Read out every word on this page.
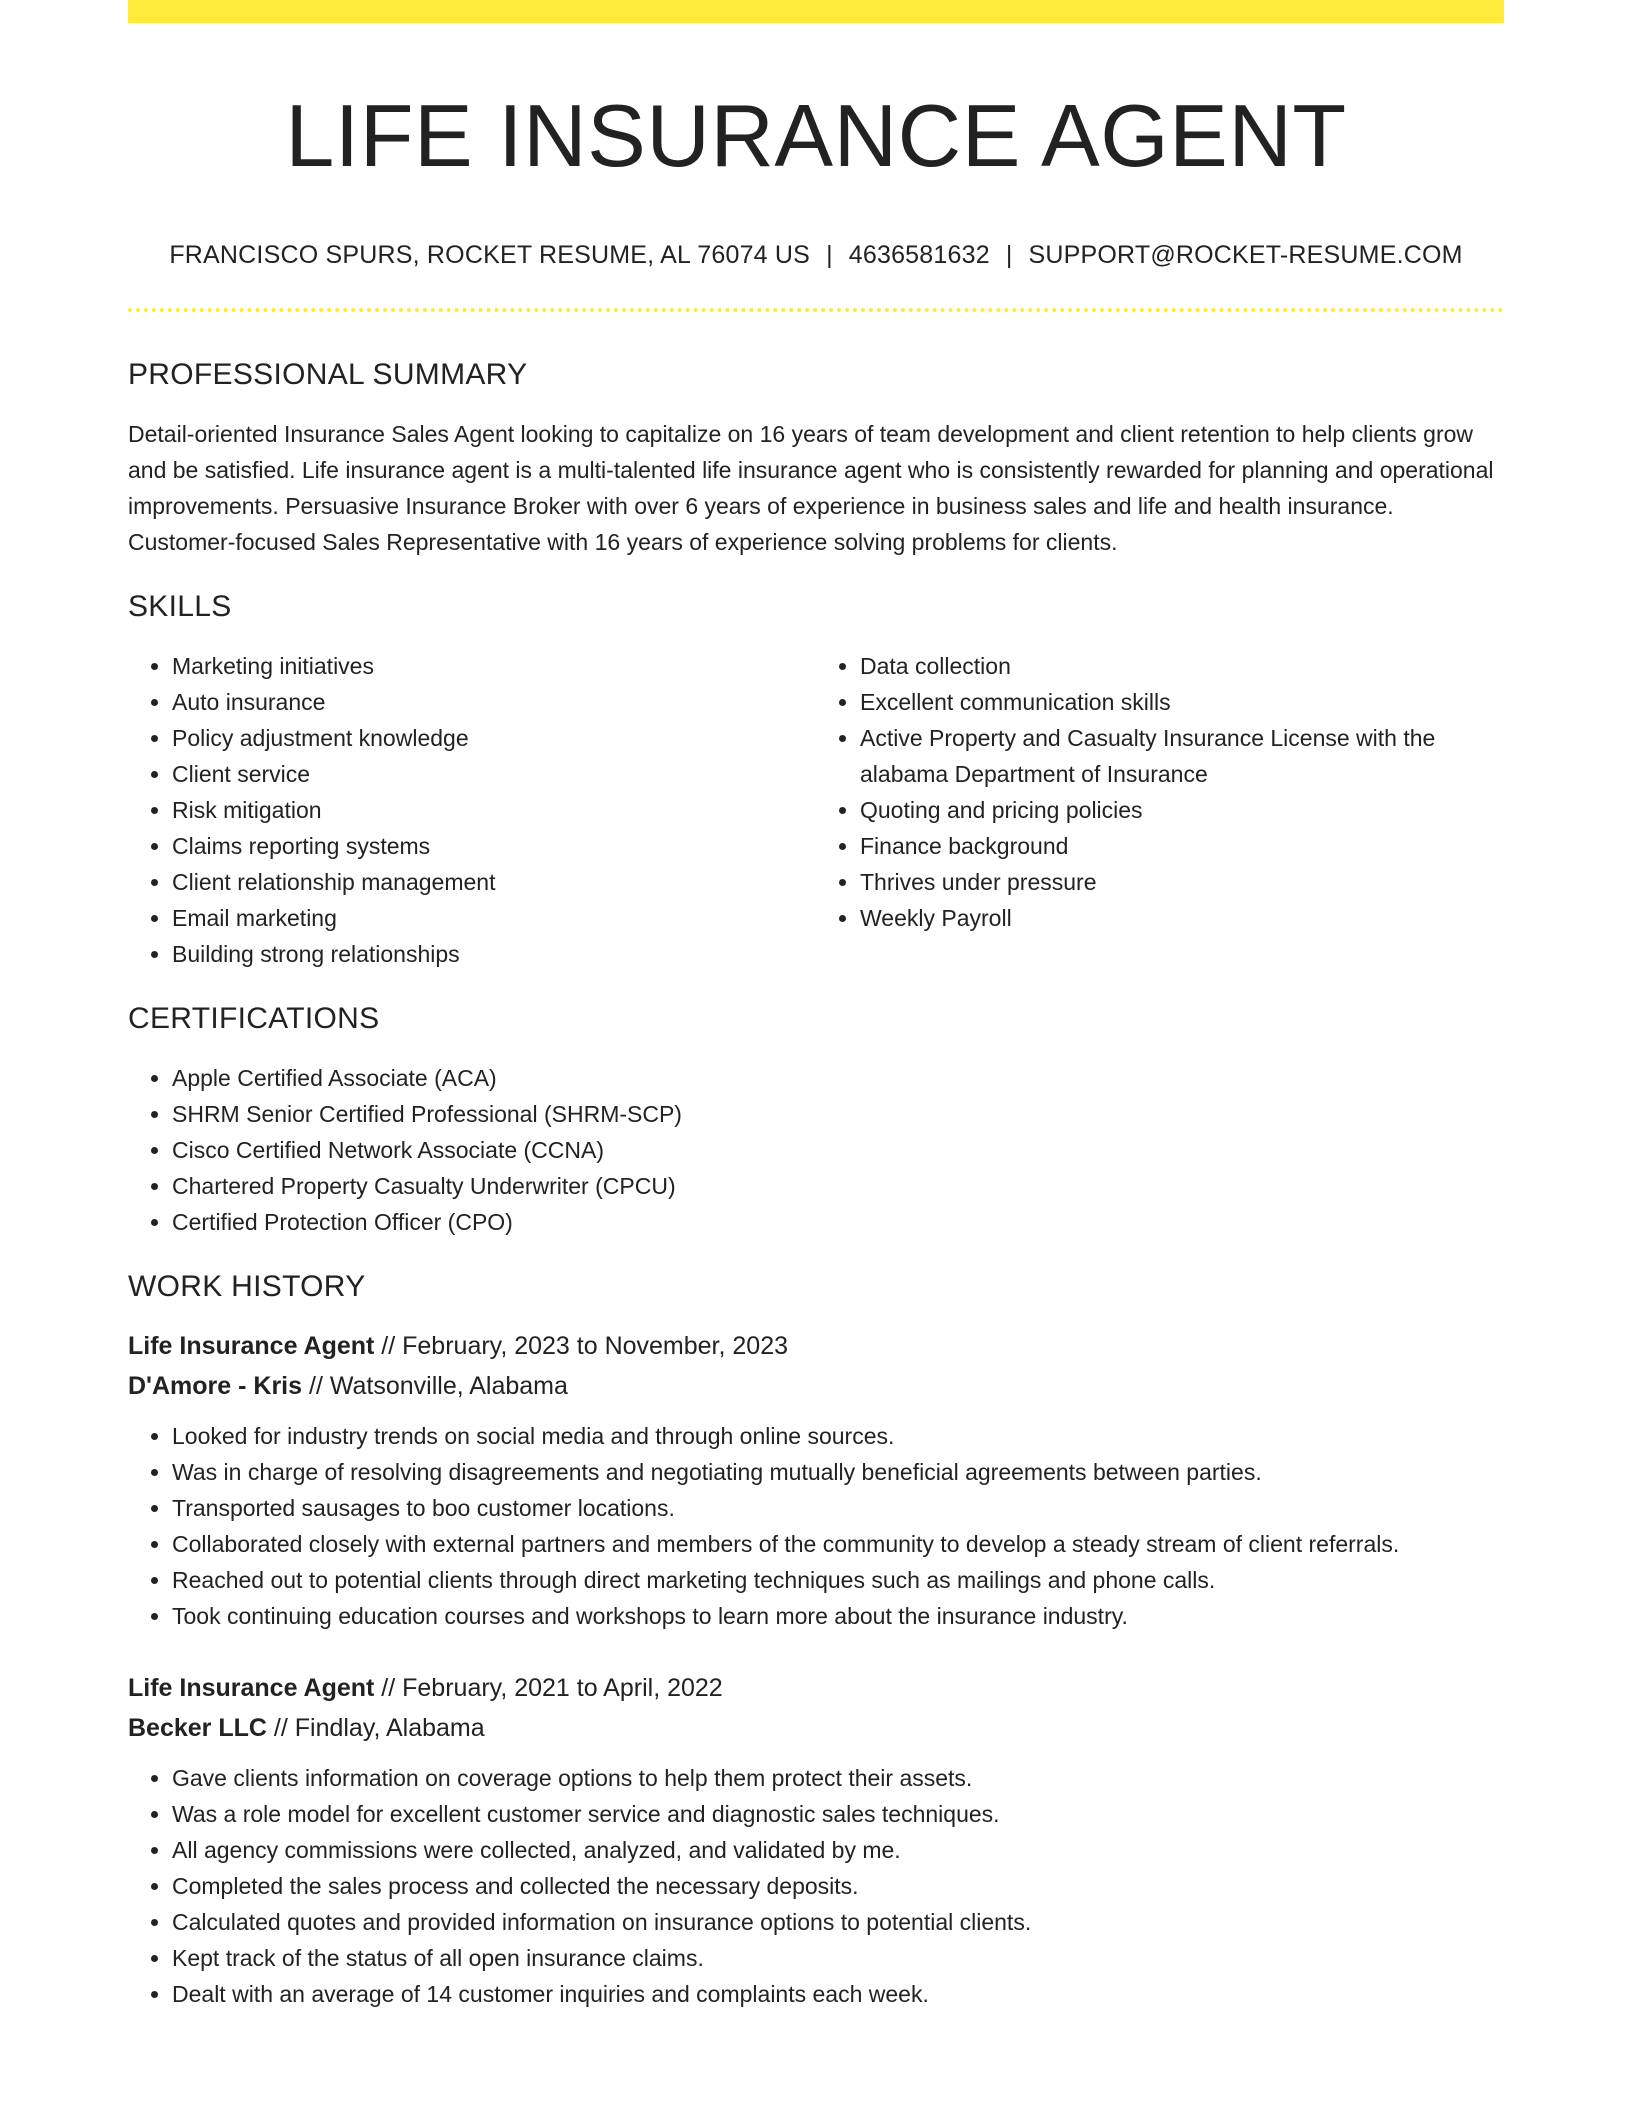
LIFE INSURANCE AGENT
FRANCISCO SPURS, ROCKET RESUME, AL 76074 US | 4636581632 | SUPPORT@ROCKET-RESUME.COM
PROFESSIONAL SUMMARY

Detail-oriented Insurance Sales Agent looking to capitalize on 16 years of team development and client retention to help clients grow and be satisfied. Life insurance agent is a multi-talented life insurance agent who is consistently rewarded for planning and operational improvements. Persuasive Insurance Broker with over 6 years of experience in business sales and life and health insurance. Customer-focused Sales Representative with 16 years of experience solving problems for clients.

SKILLS
• Marketing initiatives
• Auto insurance
• Policy adjustment knowledge
• Client service
• Risk mitigation
• Claims reporting systems
• Client relationship management
• Email marketing
• Building strong relationships
• Data collection
• Excellent communication skills
• Active Property and Casualty Insurance License with the alabama Department of Insurance
• Quoting and pricing policies
• Finance background
• Thrives under pressure
• Weekly Payroll
CERTIFICATIONS
• Apple Certified Associate (ACA)
• SHRM Senior Certified Professional (SHRM-SCP)
• Cisco Certified Network Associate (CCNA)
• Chartered Property Casualty Underwriter (CPCU)
• Certified Protection Officer (CPO)
WORK HISTORY
Life Insurance Agent // February, 2023 to November, 2023
D'Amore - Kris // Watsonville, Alabama
• Looked for industry trends on social media and through online sources.
• Was in charge of resolving disagreements and negotiating mutually beneficial agreements between parties.
• Transported sausages to boo customer locations.
• Collaborated closely with external partners and members of the community to develop a steady stream of client referrals.
• Reached out to potential clients through direct marketing techniques such as mailings and phone calls.
• Took continuing education courses and workshops to learn more about the insurance industry.
Life Insurance Agent // February, 2021 to April, 2022
Becker LLC // Findlay, Alabama
• Gave clients information on coverage options to help them protect their assets.
• Was a role model for excellent customer service and diagnostic sales techniques.
• All agency commissions were collected, analyzed, and validated by me.
• Completed the sales process and collected the necessary deposits.
• Calculated quotes and provided information on insurance options to potential clients.
• Kept track of the status of all open insurance claims.
• Dealt with an average of 14 customer inquiries and complaints each week.
